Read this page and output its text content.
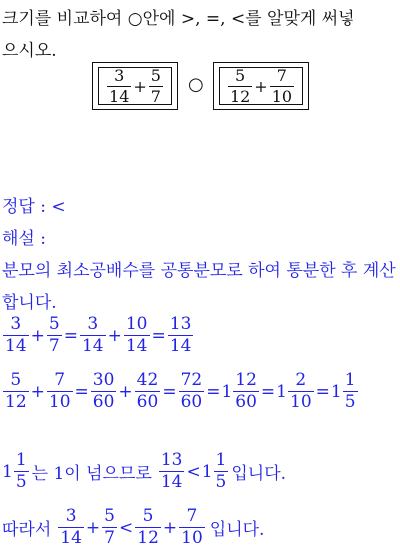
크기를 비교하여 ○안에 >, =, <를 알맞게 써넣
으시오.
$\frac{3}{14} + \frac{5}{7}$ ○ $\frac{5}{12} + \frac{7}{10}$
정답 : <
해설 :
분모의 최소공배수를 공통분모로 하여 통분한 후 계산
합니다.
$\frac{3}{14} + \frac{5}{7} = \frac{3}{14} + \frac{10}{14} = \frac{13}{14}$
$\frac{5}{12} + \frac{7}{10} = \frac{30}{60} + \frac{42}{60} = \frac{72}{60} = 1 \frac{12}{60} = 1 \frac{2}{10} = 1 \frac{1}{5}$
$1 \frac{1}{5}$ 는 1이 넘으므로 $\frac{13}{14} < 1 \frac{1}{5}$ 입니다.
따라서 $\frac{3}{14} + \frac{5}{7} < \frac{5}{12} + \frac{7}{10}$ 입니다.
